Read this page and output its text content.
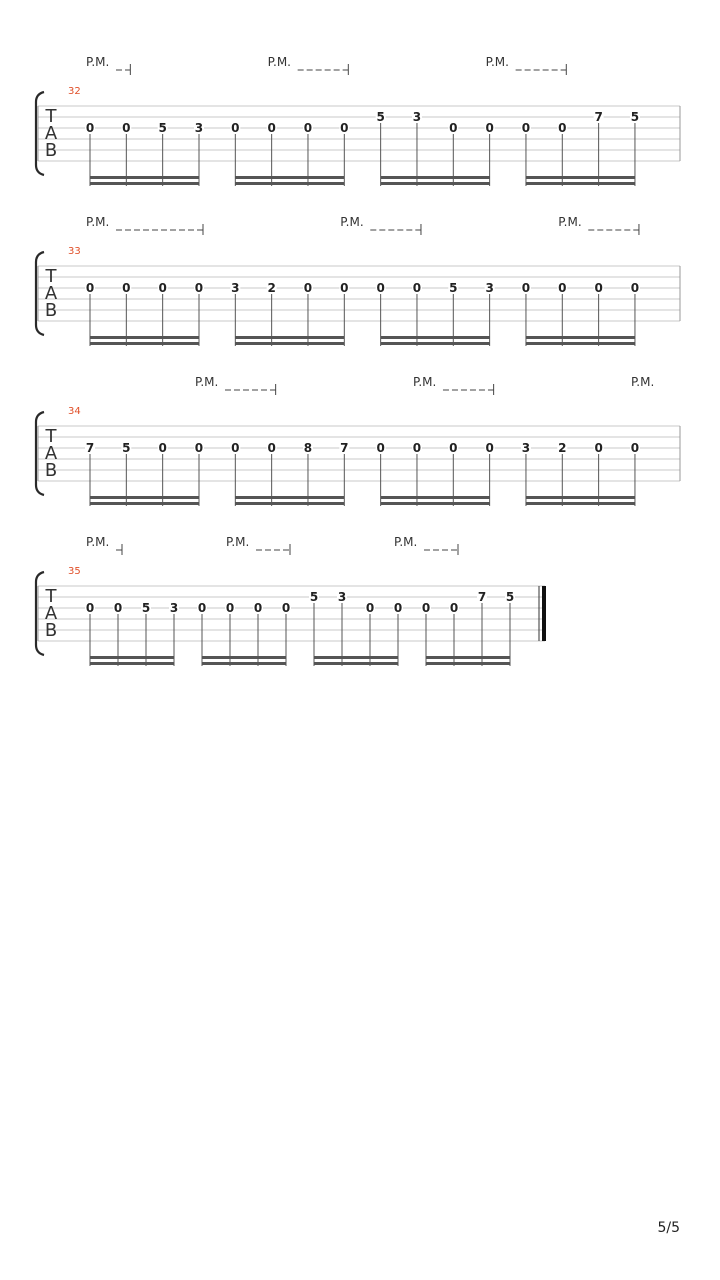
T
A
B
32
0 0 5 3 0 0 0 0
5 3
0 0 0 0
7 5
P.M.	P.M.	P.M.
T
A
B
33
0 0 0 0 3 2 0 0 0 0 5 3 0 0 0 0
P.M.	P.M.	P.M.
T
A
B
34
7 5 0 0 0 0 8 7 0 0 0 0 3 2 0 0
P.M.	P.M.	P.M.
T
A
B
35
0 0 5 3 0 0 0 0
5 3
0 0 0 0
7 5
P.M.	P.M.	P.M.
5/5
